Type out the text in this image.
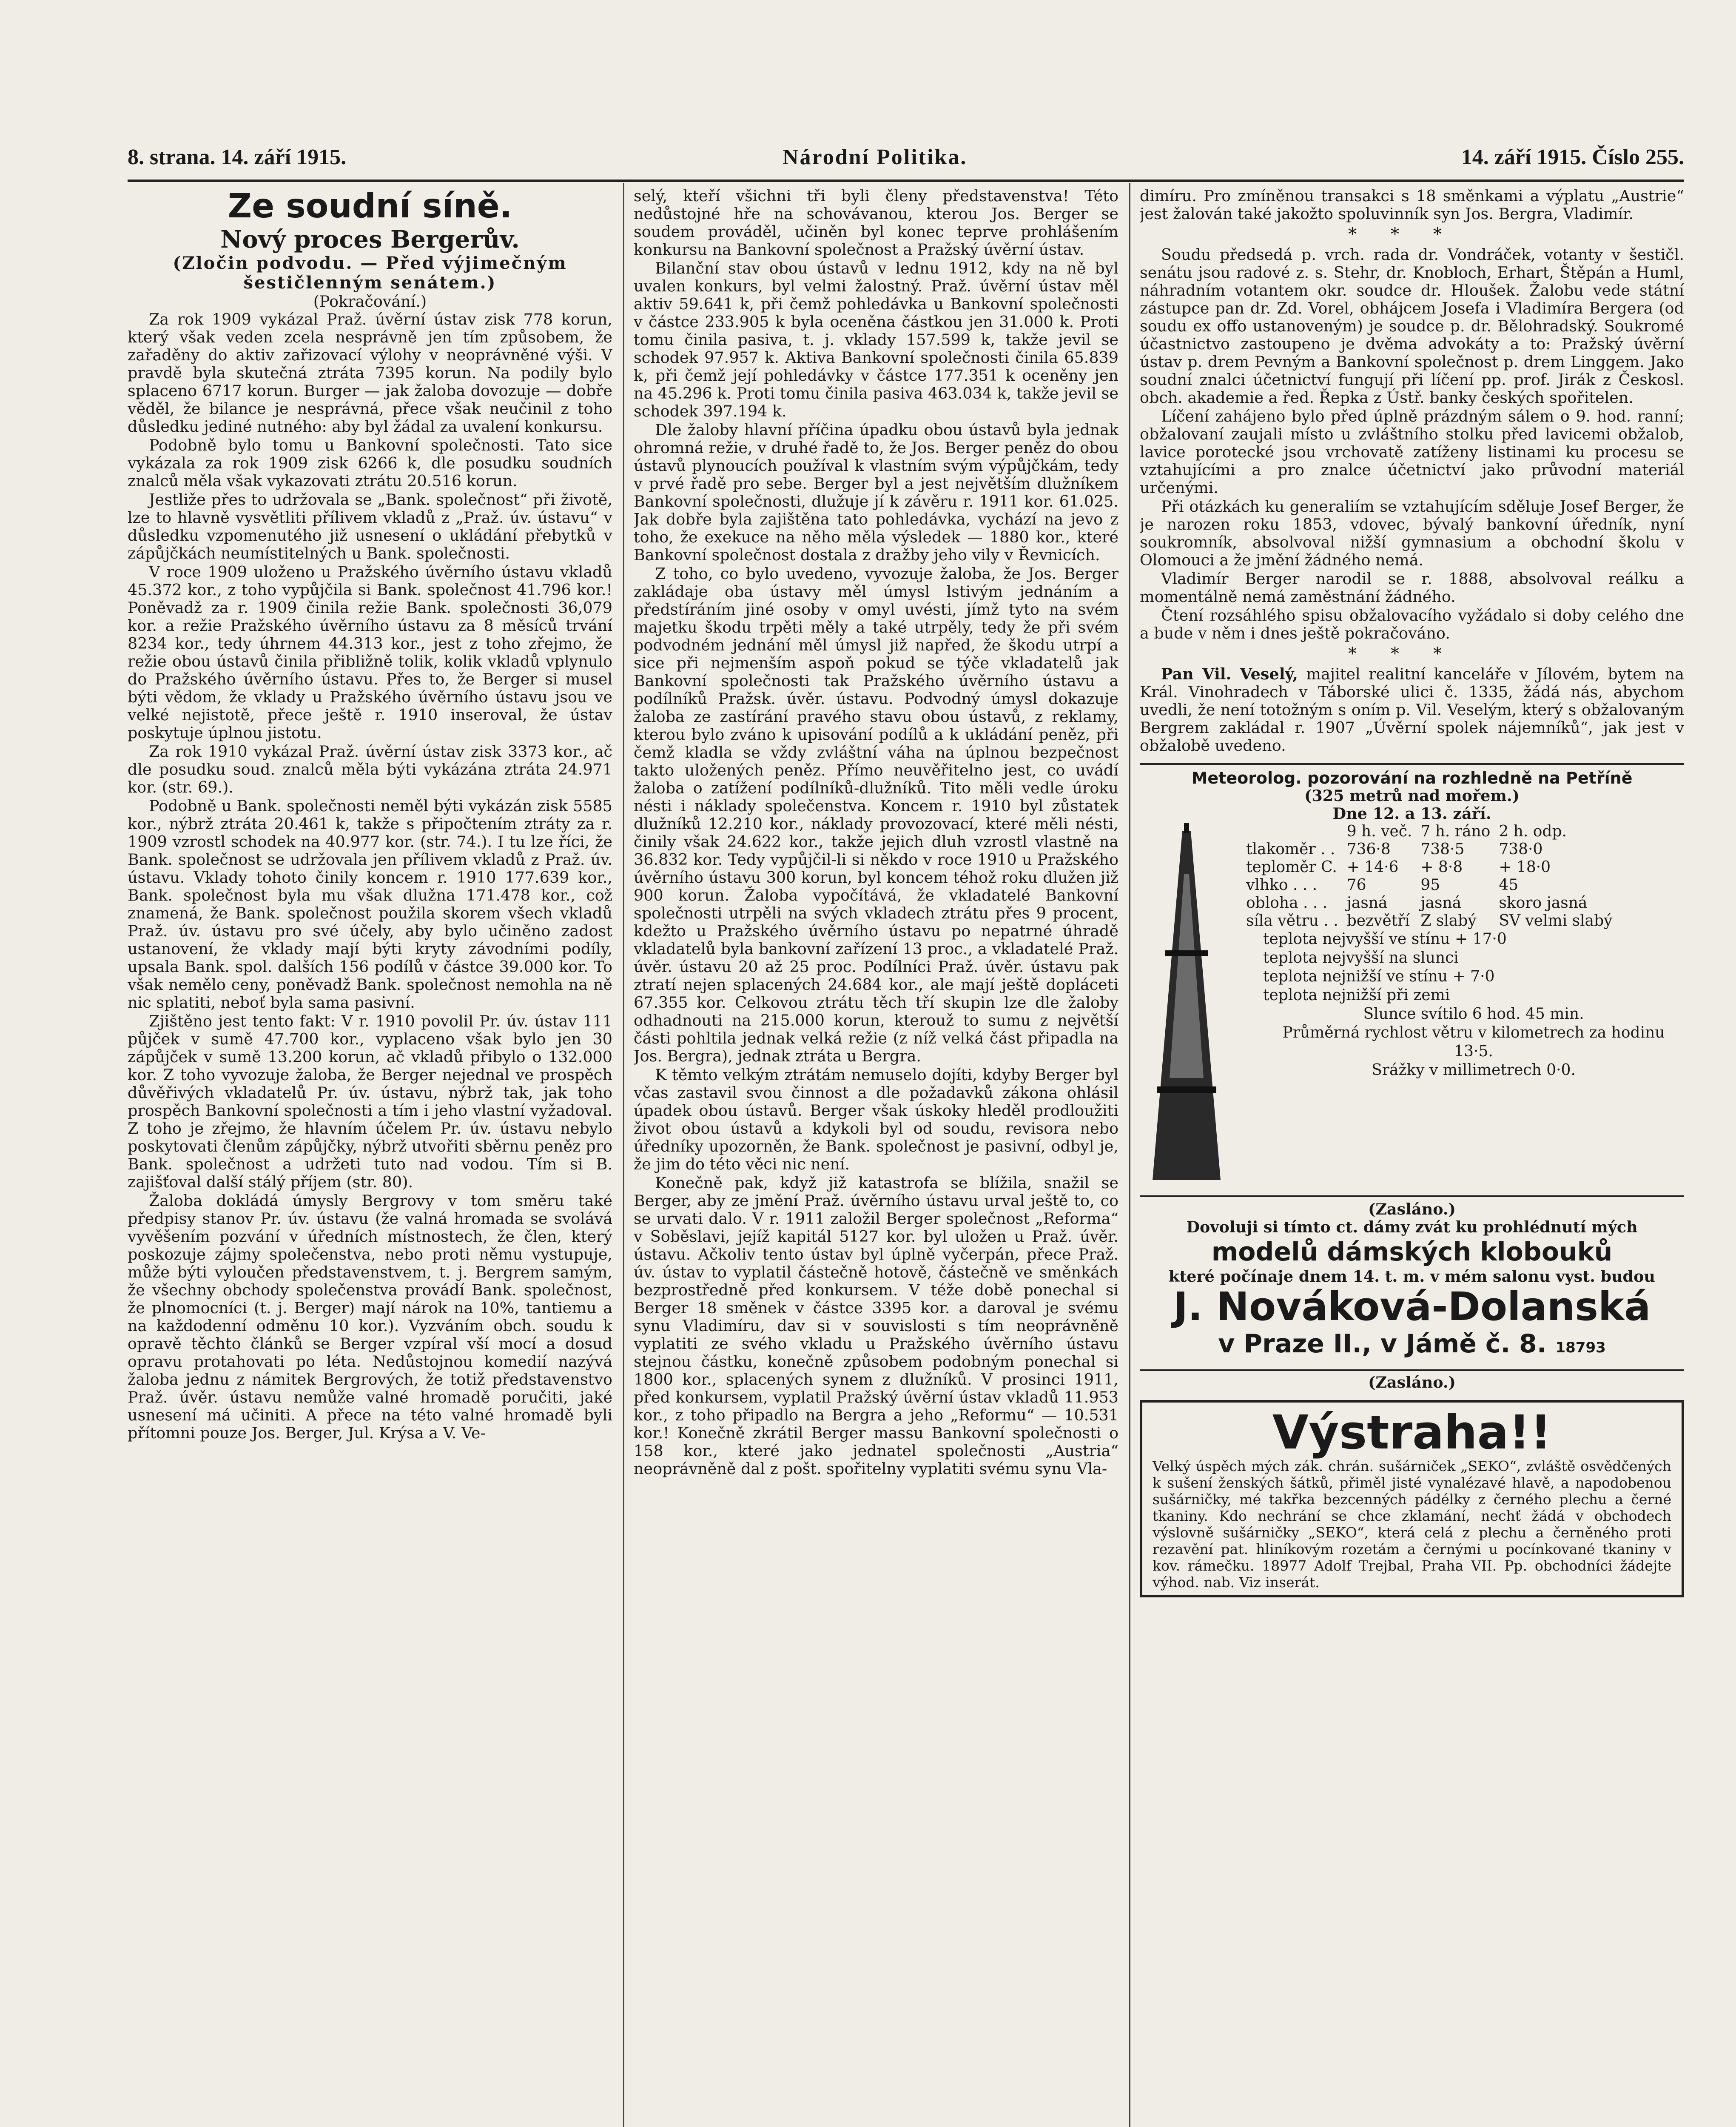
8. strana. 14. září 1915.	Národní Politika.	14. září 1915. Číslo 255.
Ze soudní síně.
Nový proces Bergerův.
(Zločin podvodu. — Před výjimečným šestičlenným senátem.)
(Pokračování.)

Za rok 1909 vykázal Praž. úvěrní ústav zisk 778 korun, který však veden zcela nesprávně jen tím způsobem, že zařaděny do aktiv zařizovací výlohy v neoprávněné výši. V pravdě byla skutečná ztráta 7395 korun. Na podily bylo splaceno 6717 korun. Burger — jak žaloba dovozuje — dobře věděl, že bilance je nesprávná, přece však neučinil z toho důsledku jediné nutného: aby byl žádal za uvalení konkursu.

Podobně bylo tomu u Bankovní společnosti. Tato sice vykázala za rok 1909 zisk 6266 k, dle posudku soudních znalců měla však vykazovati ztrátu 20.516 korun.

Jestliže přes to udržovala se „Bank. společnost“ při životě, lze to hlavně vysvětliti přílivem vkladů z „Praž. úv. ústavu“ v důsledku vzpomenutého již usnesení o ukládání přebytků v zápůjčkách neumístitelných u Bank. společnosti.

V roce 1909 uloženo u Pražského úvěrního ústavu vkladů 45.372 kor., z toho vypůjčila si Bank. společnost 41.796 kor.! Poněvadž za r. 1909 činila režie Bank. společnosti 36,079 kor. a režie Pražského úvěrního ústavu za 8 měsíců trvání 8234 kor., tedy úhrnem 44.313 kor., jest z toho zřejmo, že režie obou ústavů činila přibližně tolik, kolik vkladů vplynulo do Pražského úvěrního ústavu. Přes to, že Berger si musel býti vědom, že vklady u Pražského úvěrního ústavu jsou ve velké nejistotě, přece ještě r. 1910 inseroval, že ústav poskytuje úplnou jistotu.

Za rok 1910 vykázal Praž. úvěrní ústav zisk 3373 kor., ač dle posudku soud. znalců měla býti vykázána ztráta 24.971 kor. (str. 69.).

Podobně u Bank. společnosti neměl býti vykázán zisk 5585 kor., nýbrž ztráta 20.461 k, takže s připočtením ztráty za r. 1909 vzrostl schodek na 40.977 kor. (str. 74.). I tu lze říci, že Bank. společnost se udržovala jen přílivem vkladů z Praž. úv. ústavu. Vklady tohoto činily koncem r. 1910 177.639 kor., Bank. společnost byla mu však dlužna 171.478 kor., což znamená, že Bank. společnost použila skorem všech vkladů Praž. úv. ústavu pro své účely, aby bylo učiněno zadost ustanovení, že vklady mají býti kryty závodními podíly, upsala Bank. spol. dalších 156 podílů v částce 39.000 kor. To však nemělo ceny, poněvadž Bank. společnost nemohla na ně nic splatiti, neboť byla sama pasivní.

Zjištěno jest tento fakt: V r. 1910 povolil Pr. úv. ústav 111 půjček v sumě 47.700 kor., vyplaceno však bylo jen 30 zápůjček v sumě 13.200 korun, ač vkladů přibylo o 132.000 kor. Z toho vyvozuje žaloba, že Berger nejednal ve prospěch důvěřivých vkladatelů Pr. úv. ústavu, nýbrž tak, jak toho prospěch Bankovní společnosti a tím i jeho vlastní vyžadoval. Z toho je zřejmo, že hlavním účelem Pr. úv. ústavu nebylo poskytovati členům zápůjčky, nýbrž utvořiti sběrnu peněz pro Bank. společnost a udržeti tuto nad vodou. Tím si B. zajišťoval další stálý příjem (str. 80).

Žaloba dokládá úmysly Bergrovy v tom směru také předpisy stanov Pr. úv. ústavu (že valná hromada se svolává vyvěšením pozvání v úředních místnostech, že člen, který poskozuje zájmy společenstva, nebo proti němu vystupuje, může býti vyloučen představenstvem, t. j. Bergrem samým, že všechny obchody společenstva provádí Bank. společnost, že plnomocníci (t. j. Berger) mají nárok na 10%, tantiemu a na každodenní odměnu 10 kor.). Vyzváním obch. soudu k opravě těchto článků se Berger vzpíral vší mocí a dosud opravu protahovati po léta. Nedůstojnou komedií nazývá žaloba jednu z námitek Bergrových, že totiž představenstvo Praž. úvěr. ústavu nemůže valné hromadě poručiti, jaké usnesení má učiniti. A přece na této valné hromadě byli přítomni pouze Jos. Berger, Jul. Krýsa a V. Ve-

selý, kteří všichni tři byli členy představenstva! Této nedůstojné hře na schovávanou, kterou Jos. Berger se soudem prováděl, učiněn byl konec teprve prohlášením konkursu na Bankovní společnost a Pražský úvěrní ústav.

Bilanční stav obou ústavů v lednu 1912, kdy na ně byl uvalen konkurs, byl velmi žalostný. Praž. úvěrní ústav měl aktiv 59.641 k, při čemž pohledávka u Bankovní společnosti v částce 233.905 k byla oceněna částkou jen 31.000 k. Proti tomu činila pasiva, t. j. vklady 157.599 k, takže jevil se schodek 97.957 k. Aktiva Bankovní společnosti činila 65.839 k, při čemž její pohledávky v částce 177.351 k oceněny jen na 45.296 k. Proti tomu činila pasiva 463.034 k, takže jevil se schodek 397.194 k.

Dle žaloby hlavní příčina úpadku obou ústavů byla jednak ohromná režie, v druhé řadě to, že Jos. Berger peněz do obou ústavů plynoucích používal k vlastním svým výpůjčkám, tedy v prvé řadě pro sebe. Berger byl a jest největším dlužníkem Bankovní společnosti, dlužuje jí k závěru r. 1911 kor. 61.025. Jak dobře byla zajištěna tato pohledávka, vychází na jevo z toho, že exekuce na něho měla výsledek — 1880 kor., které Bankovní společnost dostala z dražby jeho vily v Řevnicích.

Z toho, co bylo uvedeno, vyvozuje žaloba, že Jos. Berger zakládaje oba ústavy měl úmysl lstivým jednáním a předstíráním jiné osoby v omyl uvésti, jímž tyto na svém majetku škodu trpěti měly a také utrpěly, tedy že při svém podvodném jednání měl úmysl již napřed, že škodu utrpí a sice při nejmenším aspoň pokud se týče vkladatelů jak Bankovní společnosti tak Pražského úvěrního ústavu a podílníků Pražsk. úvěr. ústavu. Podvodný úmysl dokazuje žaloba ze zastírání pravého stavu obou ústavů, z reklamy, kterou bylo zváno k upisování podílů a k ukládání peněz, při čemž kladla se vždy zvláštní váha na úplnou bezpečnost takto uložených peněz. Přímo neuvěřitelno jest, co uvádí žaloba o zatížení podílníků-dlužníků. Tito měli vedle úroku nésti i náklady společenstva. Koncem r. 1910 byl zůstatek dlužníků 12.210 kor., náklady provozovací, které měli nésti, činily však 24.622 kor., takže jejich dluh vzrostl vlastně na 36.832 kor. Tedy vypůjčil-li si někdo v roce 1910 u Pražského úvěrního ústavu 300 korun, byl koncem téhož roku dlužen již 900 korun. Žaloba vypočítává, že vkladatelé Bankovní společnosti utrpěli na svých vkladech ztrátu přes 9 procent, kdežto u Pražského úvěrního ústavu po nepatrné úhradě vkladatelů byla bankovní zařízení 13 proc., a vkladatelé Praž. úvěr. ústavu 20 až 25 proc. Podílníci Praž. úvěr. ústavu pak ztratí nejen splacených 24.684 kor., ale mají ještě dopláceti 67.355 kor. Celkovou ztrátu těch tří skupin lze dle žaloby odhadnouti na 215.000 korun, kterouž to sumu z největší části pohltila jednak velká režie (z níž velká část připadla na Jos. Bergra), jednak ztráta u Bergra.

K těmto velkým ztrátám nemuselo dojíti, kdyby Berger byl včas zastavil svou činnost a dle požadavků zákona ohlásil úpadek obou ústavů. Berger však úskoky hleděl prodloužiti život obou ústavů a kdykoli byl od soudu, revisora nebo úředníky upozorněn, že Bank. společnost je pasivní, odbyl je, že jim do této věci nic není.

Konečně pak, když již katastrofa se blížila, snažil se Berger, aby ze jmění Praž. úvěrního ústavu urval ještě to, co se urvati dalo. V r. 1911 založil Berger společnost „Reforma“ v Soběslavi, jejíž kapitál 5127 kor. byl uložen u Praž. úvěr. ústavu. Ačkoliv tento ústav byl úplně vyčerpán, přece Praž. úv. ústav to vyplatil částečně hotově, částečně ve směnkách bezprostředně před konkursem. V téže době ponechal si Berger 18 směnek v částce 3395 kor. a daroval je svému synu Vladimíru, dav si v souvislosti s tím neoprávněně vyplatiti ze svého vkladu u Pražského úvěrního ústavu stejnou částku, konečně způsobem podobným ponechal si 1800 kor., splacených synem z dlužníků. V prosinci 1911, před konkursem, vyplatil Pražský úvěrní ústav vkladů 11.953 kor., z toho připadlo na Bergra a jeho „Reformu“ — 10.531 kor.! Konečně zkrátil Berger massu Bankovní společnosti o 158 kor., které jako jednatel společnosti „Austria“ neoprávněně dal z pošt. spořitelny vyplatiti svému synu Vla-

dimíru. Pro zmíněnou transakci s 18 směnkami a výplatu „Austrie“ jest žalován také jakožto spoluvinník syn Jos. Bergra, Vladimír.

***

Soudu předsedá p. vrch. rada dr. Vondráček, votanty v šestičl. senátu jsou radové z. s. Stehr, dr. Knobloch, Erhart, Štěpán a Huml, náhradním votantem okr. soudce dr. Hloušek. Žalobu vede státní zástupce pan dr. Zd. Vorel, obhájcem Josefa i Vladimíra Bergera (od soudu ex offo ustanoveným) je soudce p. dr. Bělohradský. Soukromé účastnictvo zastoupeno je dvěma advokáty a to: Pražský úvěrní ústav p. drem Pevným a Bankovní společnost p. drem Linggem. Jako soudní znalci účetnictví fungují při líčení pp. prof. Jirák z Českosl. obch. akademie a řed. Řepka z Ústř. banky českých spořitelen.

Líčení zahájeno bylo před úplně prázdným sálem o 9. hod. ranní; obžalovaní zaujali místo u zvláštního stolku před lavicemi obžalob, lavice porotecké jsou vrchovatě zatíženy listinami ku procesu se vztahujícími a pro znalce účetnictví jako průvodní materiál určenými.

Při otázkách ku generaliím se vztahujícím sděluje Josef Berger, že je narozen roku 1853, vdovec, bývalý bankovní úředník, nyní soukromník, absolvoval nižší gymnasium a obchodní školu v Olomouci a že jmění žádného nemá.

Vladimír Berger narodil se r. 1888, absolvoval reálku a momentálně nemá zaměstnání žádného.

Čtení rozsáhlého spisu obžalovacího vyžádalo si doby celého dne a bude v něm i dnes ještě pokračováno.

***

Pan Vil. Veselý, majitel realitní kanceláře v Jílovém, bytem na Král. Vinohradech v Táborské ulici č. 1335, žádá nás, abychom uvedli, že není totožným s oním p. Vil. Veselým, který s obžalovaným Bergrem zakládal r. 1907 „Úvěrní spolek nájemníků“, jak jest v obžalobě uvedeno.

Meteorolog. pozorování na rozhledně na Petříně
(325 metrů nad mořem.)
Dne 12. a 13. září.
	9 h. več.	7 h. ráno	2 h. odp.
tlakoměr . .	736·8	738·5	738·0
teploměr C.	+ 14·6	+ 8·8	+ 18·0
vlhko . . .	76	95	45
obloha . . .	jasná	jasná	skoro jasná
síla větru . .	bezvětří	Z slabý	SV velmi slabý
teplota nejvyšší ve stínu + 17·0
teplota nejvyšší na slunci
teplota nejnižší ve stínu + 7·0
teplota nejnižší při zemi
Slunce svítilo 6 hod. 45 min.
Průměrná rychlost větru v kilometrech za hodinu 13·5.
Srážky v millimetrech 0·0.
(Zasláno.)
Dovoluji si tímto ct. dámy zvát ku prohlédnutí mých
modelů dámských klobouků
které počínaje dnem 14. t. m. v mém salonu vyst. budou
J. Nováková-Dolanská
v Praze II., v Jámě č. 8. 18793
(Zasláno.)
Výstraha!!
Velký úspěch mých zák. chrán. sušárniček „SEKO“, zvláště osvědčených k sušení ženských šátků, přiměl jisté vynalézavé hlavě, a napodobenou sušárničky, mé takřka bezcenných pádélky z černého plechu a černé tkaniny. Kdo nechrání se chce zklamání, nechť žádá v obchodech výslovně sušárničky „SEKO“, která celá z plechu a černěného proti rezavění pat. hliníkovým rozetám a černými u pocínkované tkaniny v kov. rámečku. 18977 Adolf Trejbal, Praha VII. Pp. obchodníci žádejte výhod. nab. Viz inserát.
